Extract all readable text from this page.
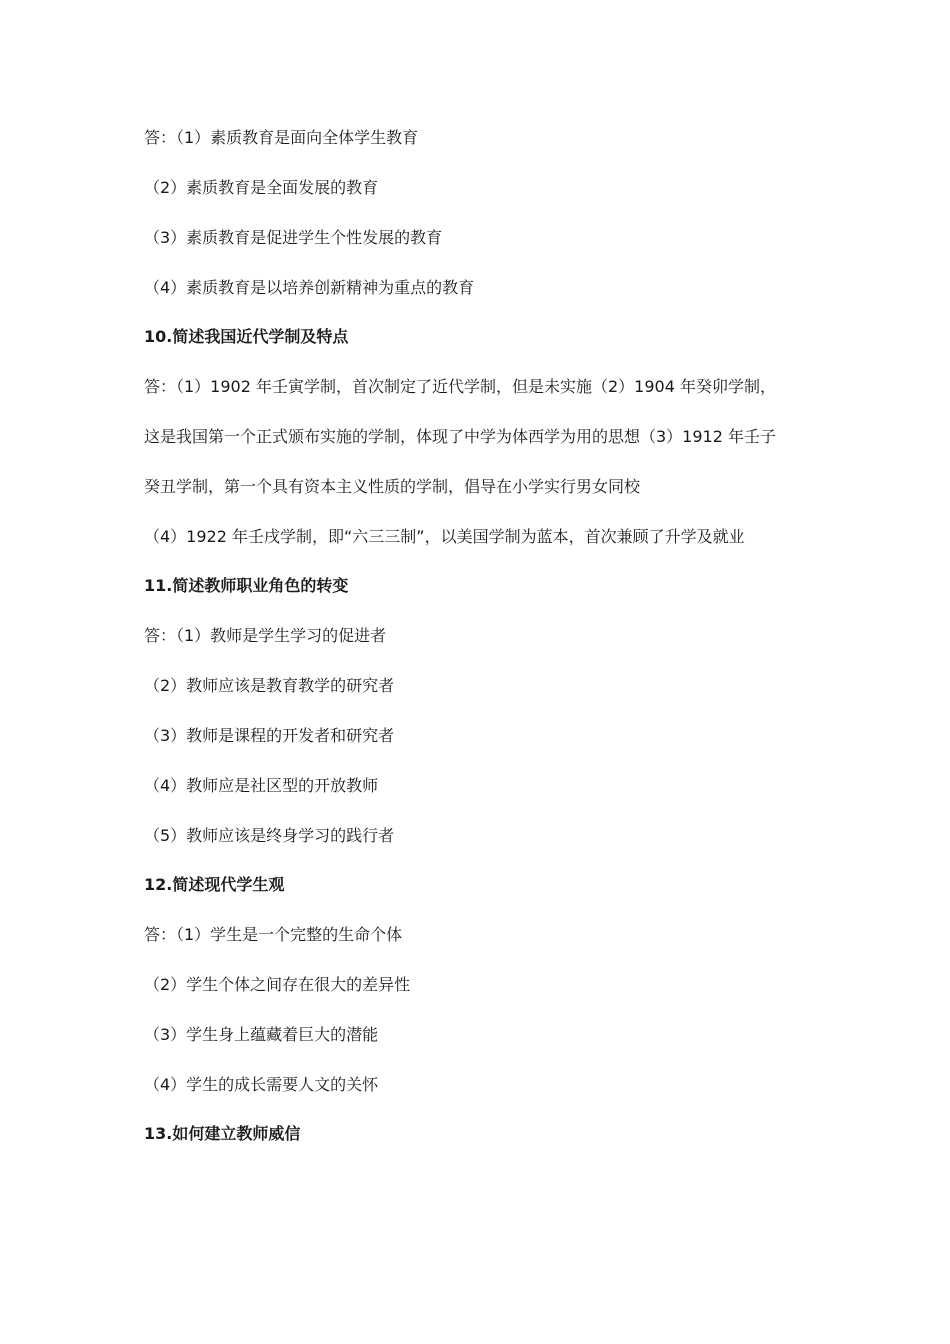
答：（1）素质教育是面向全体学生教育
（2）素质教育是全面发展的教育
（3）素质教育是促进学生个性发展的教育
（4）素质教育是以培养创新精神为重点的教育
10.简述我国近代学制及特点
答：（1）1902 年壬寅学制，首次制定了近代学制，但是未实施（2）1904 年癸卯学制，
这是我国第一个正式颁布实施的学制，体现了中学为体西学为用的思想（3）1912 年壬子
癸丑学制，第一个具有资本主义性质的学制，倡导在小学实行男女同校
（4）1922 年壬戌学制，即“六三三制”，以美国学制为蓝本，首次兼顾了升学及就业
11.简述教师职业角色的转变
答：（1）教师是学生学习的促进者
（2）教师应该是教育教学的研究者
（3）教师是课程的开发者和研究者
（4）教师应是社区型的开放教师
（5）教师应该是终身学习的践行者
12.简述现代学生观
答：（1）学生是一个完整的生命个体
（2）学生个体之间存在很大的差异性
（3）学生身上蕴藏着巨大的潜能
（4）学生的成长需要人文的关怀
13.如何建立教师威信
